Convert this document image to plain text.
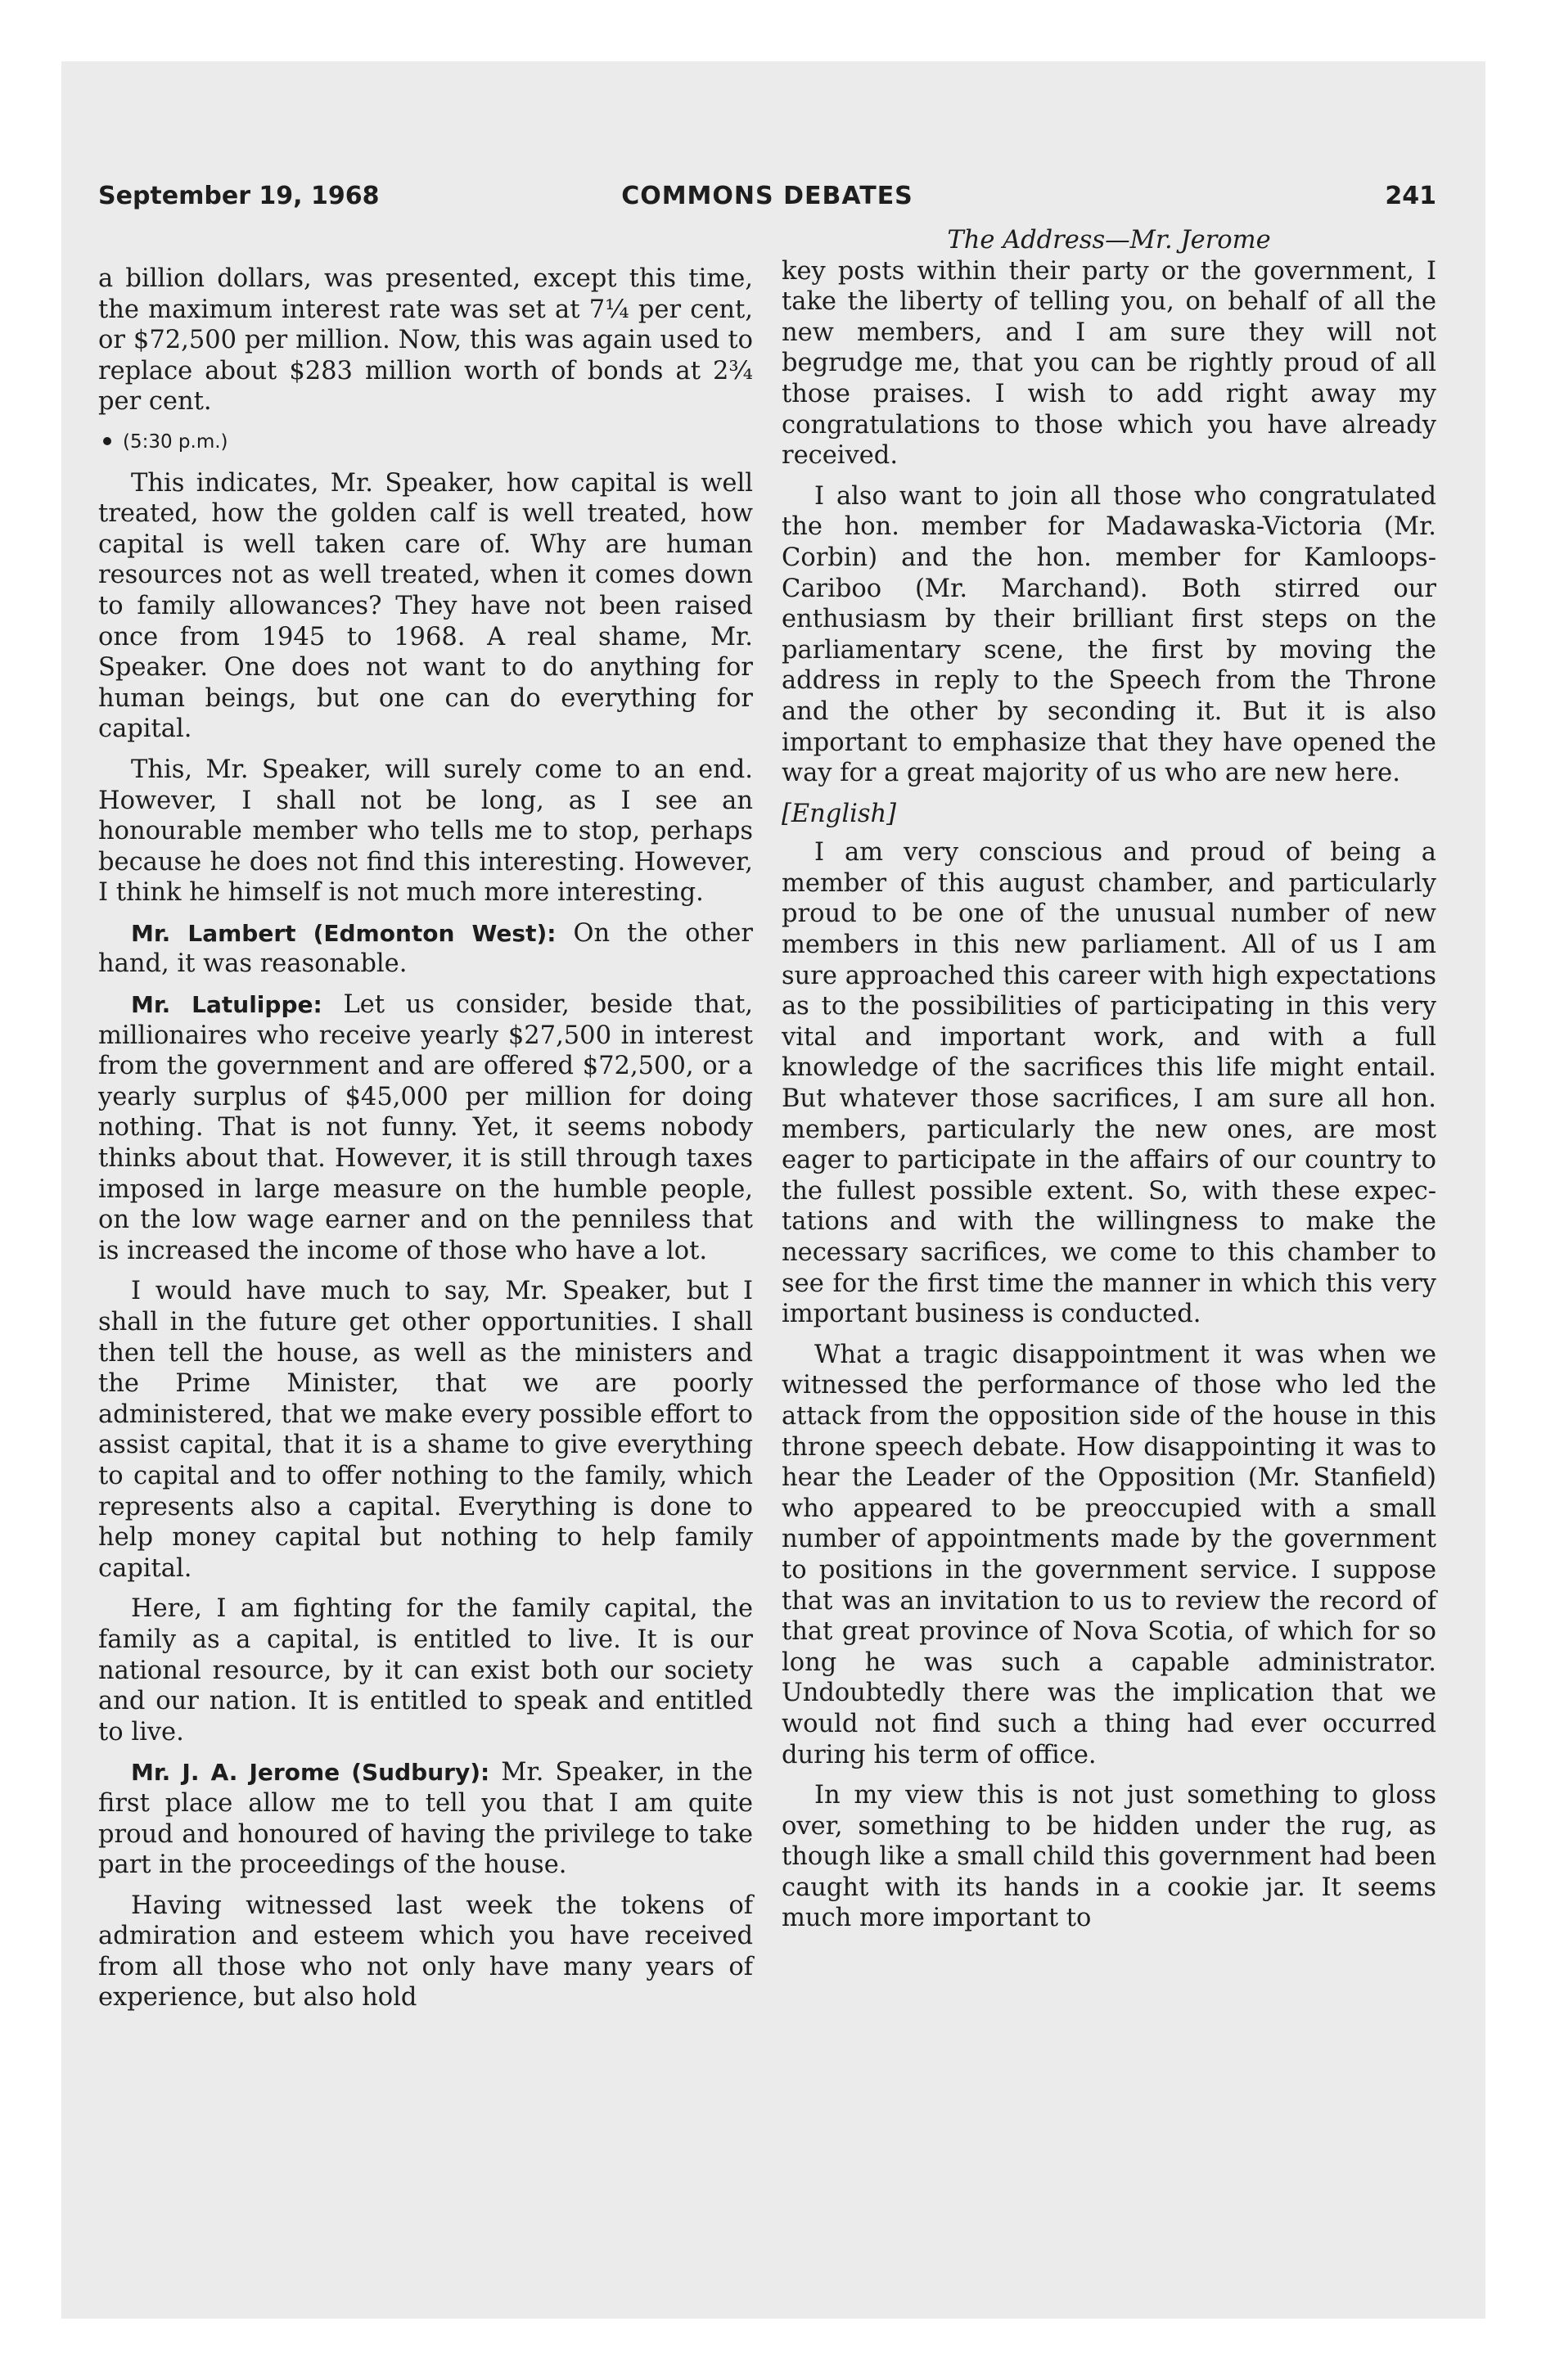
September 19, 1968	COMMONS DEBATES	241

a billion dollars, was presented, except this time, the maximum interest rate was set at 7¼ per cent, or $72,500 per million. Now, this was again used to replace about $283 million worth of bonds at 2¾ per cent.

(5:30 p.m.)

This indicates, Mr. Speaker, how capital is well treated, how the golden calf is well treated, how capital is well taken care of. Why are human resources not as well treated, when it comes down to family allowances? They have not been raised once from 1945 to 1968. A real shame, Mr. Speaker. One does not want to do anything for human beings, but one can do everything for capital.

This, Mr. Speaker, will surely come to an end. However, I shall not be long, as I see an honourable member who tells me to stop, perhaps because he does not find this interesting. However, I think he himself is not much more interesting.

Mr. Lambert (Edmonton West): On the other hand, it was reasonable.

Mr. Latulippe: Let us consider, beside that, millionaires who receive yearly $27,500 in interest from the government and are offered $72,500, or a yearly surplus of $45,000 per million for doing nothing. That is not funny. Yet, it seems nobody thinks about that. However, it is still through taxes imposed in large measure on the humble people, on the low wage earner and on the penniless that is increased the income of those who have a lot.

I would have much to say, Mr. Speaker, but I shall in the future get other opportunities. I shall then tell the house, as well as the ministers and the Prime Minister, that we are poorly administered, that we make every possible effort to assist capital, that it is a shame to give everything to capital and to offer nothing to the family, which represents also a capital. Everything is done to help money capital but nothing to help family capital.

Here, I am fighting for the family capital, the family as a capital, is entitled to live. It is our national resource, by it can exist both our society and our nation. It is entitled to speak and entitled to live.

Mr. J. A. Jerome (Sudbury): Mr. Speaker, in the first place allow me to tell you that I am quite proud and honoured of having the privilege to take part in the proceedings of the house.

Having witnessed last week the tokens of admiration and esteem which you have received from all those who not only have many years of experience, but also hold

The Address—Mr. Jerome

key posts within their party or the government, I take the liberty of telling you, on behalf of all the new members, and I am sure they will not begrudge me, that you can be rightly proud of all those praises. I wish to add right away my congratulations to those which you have already received.

I also want to join all those who congratulated the hon. member for Madawaska-Victoria (Mr. Corbin) and the hon. member for Kamloops-Cariboo (Mr. Marchand). Both stirred our enthusiasm by their brilliant first steps on the parliamentary scene, the first by moving the address in reply to the Speech from the Throne and the other by seconding it. But it is also important to emphasize that they have opened the way for a great majority of us who are new here.

[English]

I am very conscious and proud of being a member of this august chamber, and particularly proud to be one of the unusual number of new members in this new parliament. All of us I am sure approached this career with high expectations as to the possibilities of participating in this very vital and important work, and with a full knowledge of the sacrifices this life might entail. But whatever those sacrifices, I am sure all hon. members, particularly the new ones, are most eager to participate in the affairs of our country to the fullest possible extent. So, with these expectations and with the willingness to make the necessary sacrifices, we come to this chamber to see for the first time the manner in which this very important business is conducted.

What a tragic disappointment it was when we witnessed the performance of those who led the attack from the opposition side of the house in this throne speech debate. How disappointing it was to hear the Leader of the Opposition (Mr. Stanfield) who appeared to be preoccupied with a small number of appointments made by the government to positions in the government service. I suppose that was an invitation to us to review the record of that great province of Nova Scotia, of which for so long he was such a capable administrator. Undoubtedly there was the implication that we would not find such a thing had ever occurred during his term of office.

In my view this is not just something to gloss over, something to be hidden under the rug, as though like a small child this government had been caught with its hands in a cookie jar. It seems much more important to
